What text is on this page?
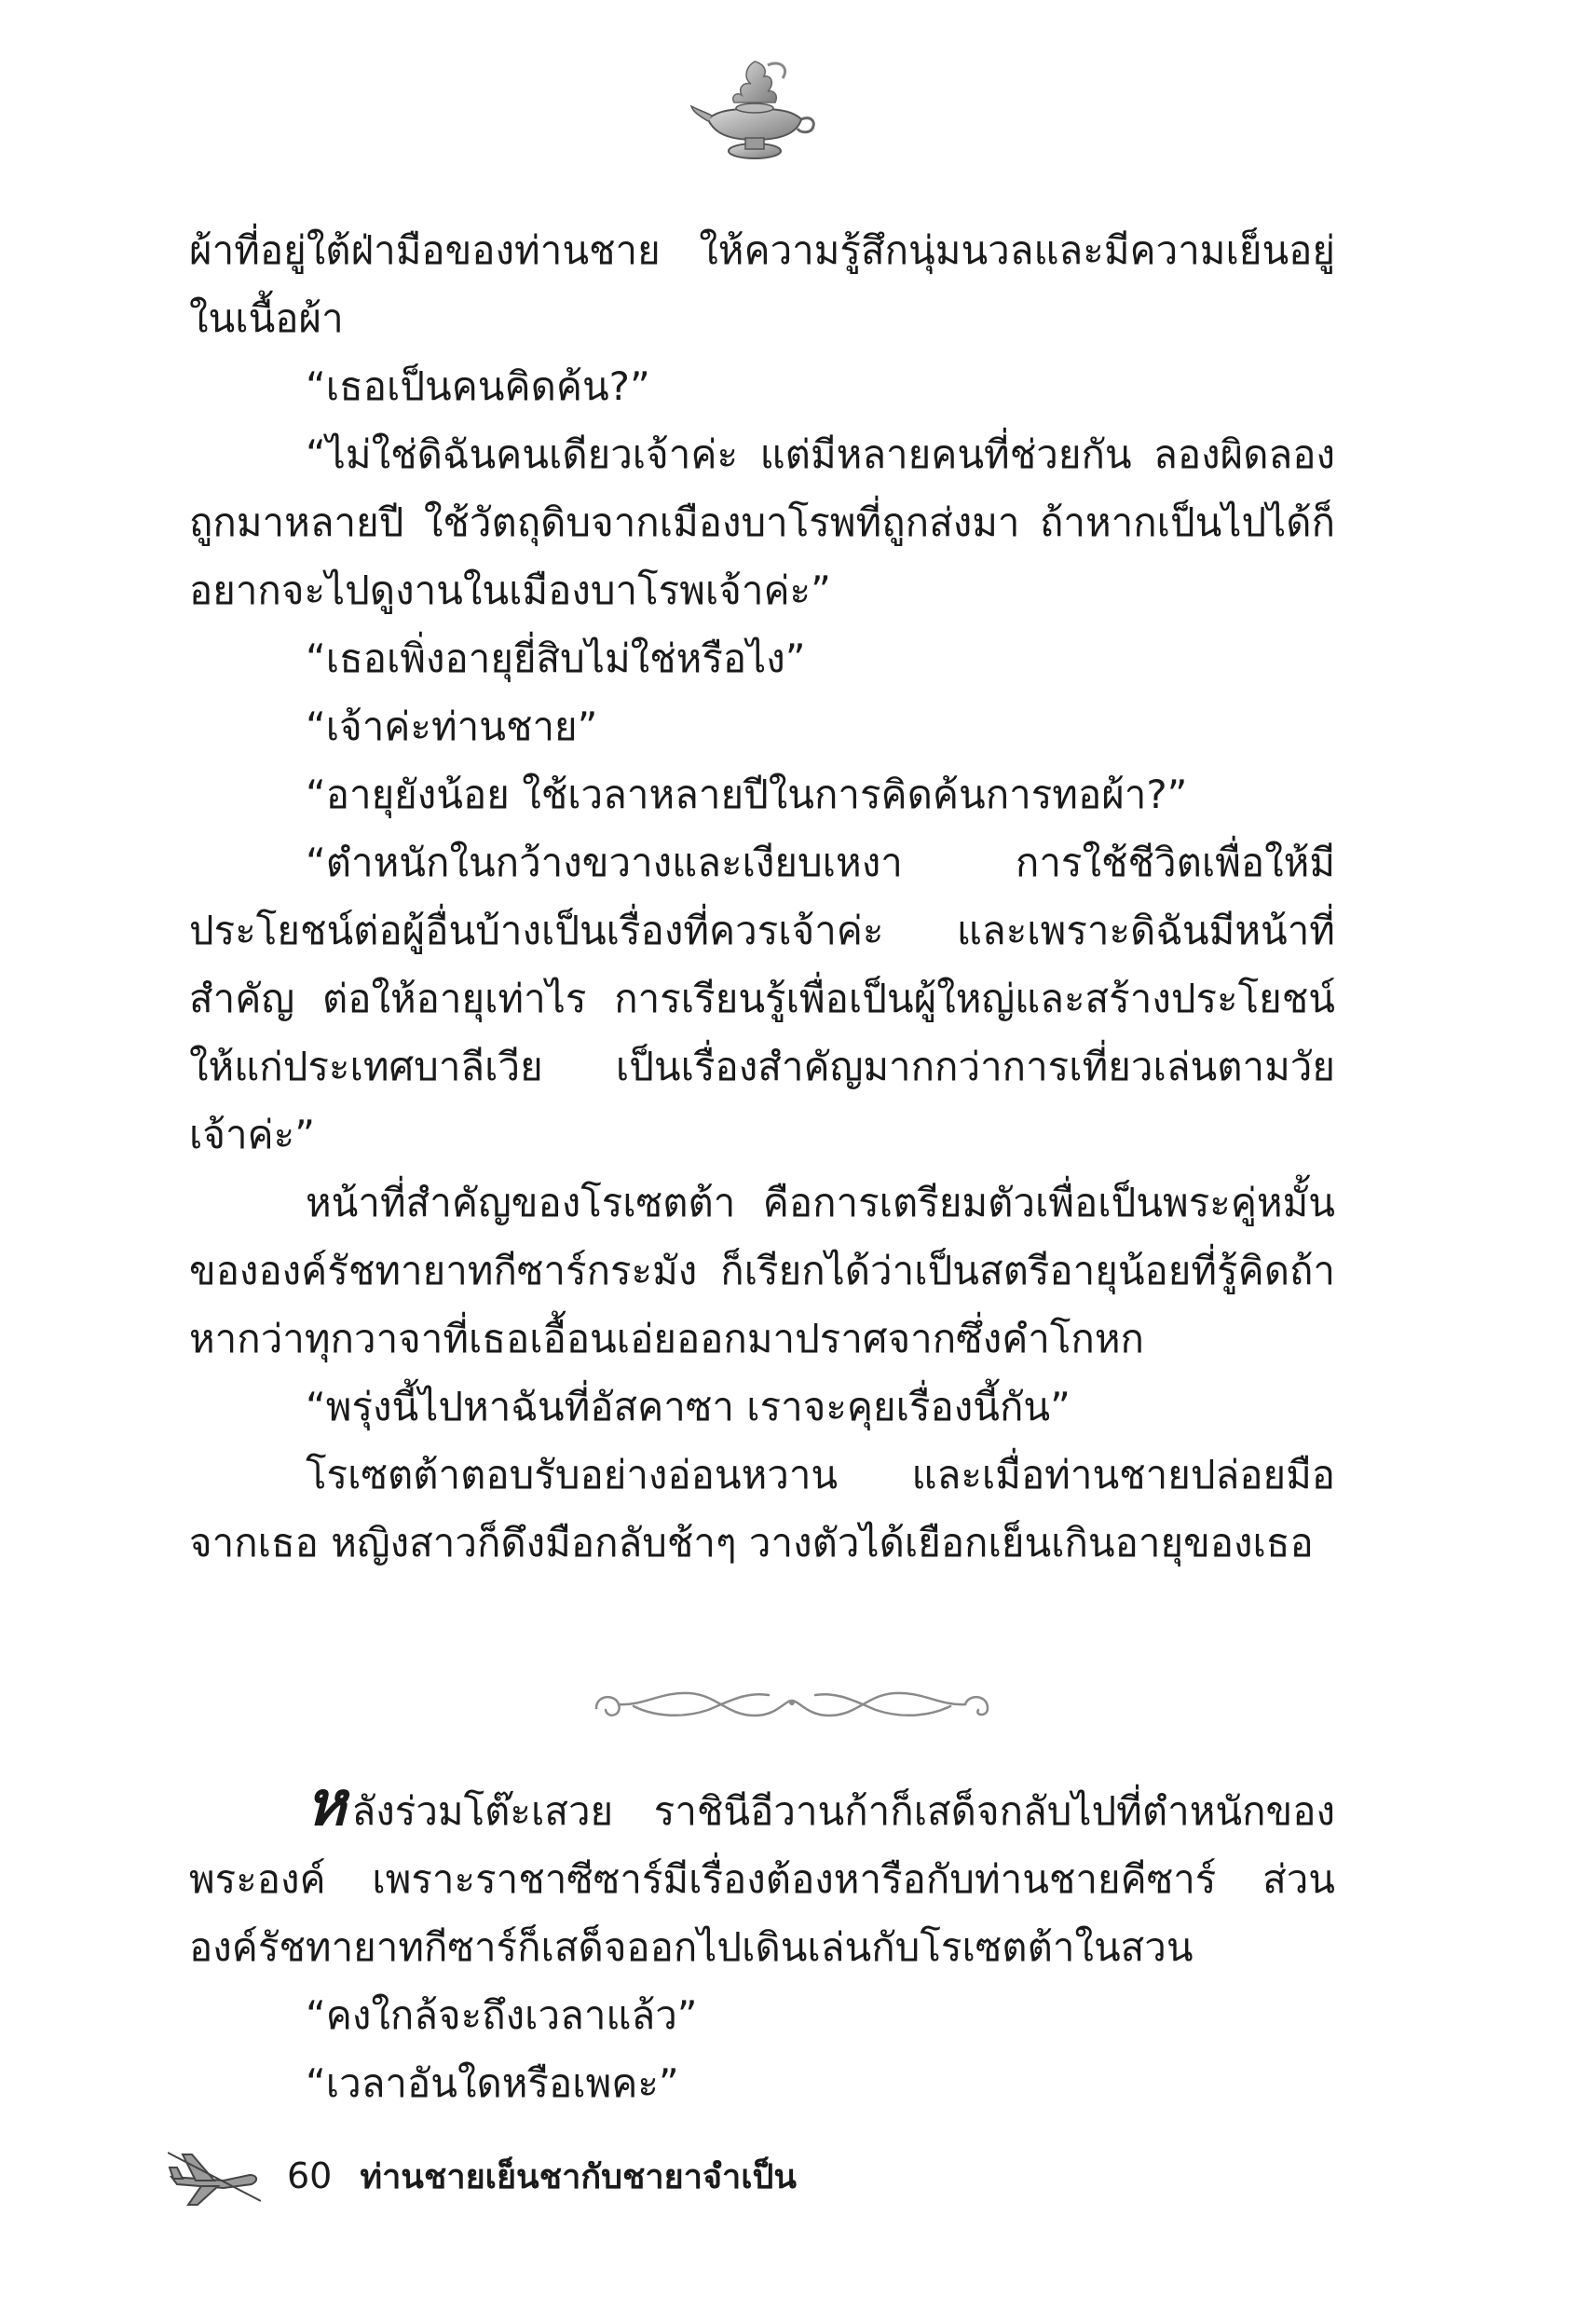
ผ้าที่อยู่ใต้ฝ่ามือของท่านชาย ให้ความรู้สึกนุ่มนวลและมีความเย็นอยู่ในเนื้อผ้า

“เธอเป็นคนคิดค้น?”

“ไม่ใช่ดิฉันคนเดียวเจ้าค่ะ แต่มีหลายคนที่ช่วยกัน ลองผิดลองถูกมาหลายปี ใช้วัตถุดิบจากเมืองบาโรพที่ถูกส่งมา ถ้าหากเป็นไปได้ก็อยากจะไปดูงานในเมืองบาโรพเจ้าค่ะ”

“เธอเพิ่งอายุยี่สิบไม่ใช่หรือไง”

“เจ้าค่ะท่านชาย”

“อายุยังน้อย ใช้เวลาหลายปีในการคิดค้นการทอผ้า?”

“ตำหนักในกว้างขวางและเงียบเหงา การใช้ชีวิตเพื่อให้มีประโยชน์ต่อผู้อื่นบ้างเป็นเรื่องที่ควรเจ้าค่ะ และเพราะดิฉันมีหน้าที่สำคัญ ต่อให้อายุเท่าไร การเรียนรู้เพื่อเป็นผู้ใหญ่และสร้างประโยชน์ให้แก่ประเทศบาลีเวีย เป็นเรื่องสำคัญมากกว่าการเที่ยวเล่นตามวัยเจ้าค่ะ”

หน้าที่สำคัญของโรเซตต้า คือการเตรียมตัวเพื่อเป็นพระคู่หมั้นขององค์รัชทายาทกีซาร์กระมัง ก็เรียกได้ว่าเป็นสตรีอายุน้อยที่รู้คิดถ้าหากว่าทุกวาจาที่เธอเอื้อนเอ่ยออกมาปราศจากซึ่งคำโกหก

“พรุ่งนี้ไปหาฉันที่อัสคาซา เราจะคุยเรื่องนี้กัน”

โรเซตต้าตอบรับอย่างอ่อนหวาน และเมื่อท่านชายปล่อยมือจากเธอ หญิงสาวก็ดึงมือกลับช้าๆ วางตัวได้เยือกเย็นเกินอายุของเธอ

หลังร่วมโต๊ะเสวย ราชินีอีวานก้าก็เสด็จกลับไปที่ตำหนักของพระองค์ เพราะราชาซีซาร์มีเรื่องต้องหารือกับท่านชายคีซาร์ ส่วนองค์รัชทายาทกีซาร์ก็เสด็จออกไปเดินเล่นกับโรเซตต้าในสวน

“คงใกล้จะถึงเวลาแล้ว”

“เวลาอันใดหรือเพคะ”

60 ท่านชายเย็นชากับชายาจำเป็น
